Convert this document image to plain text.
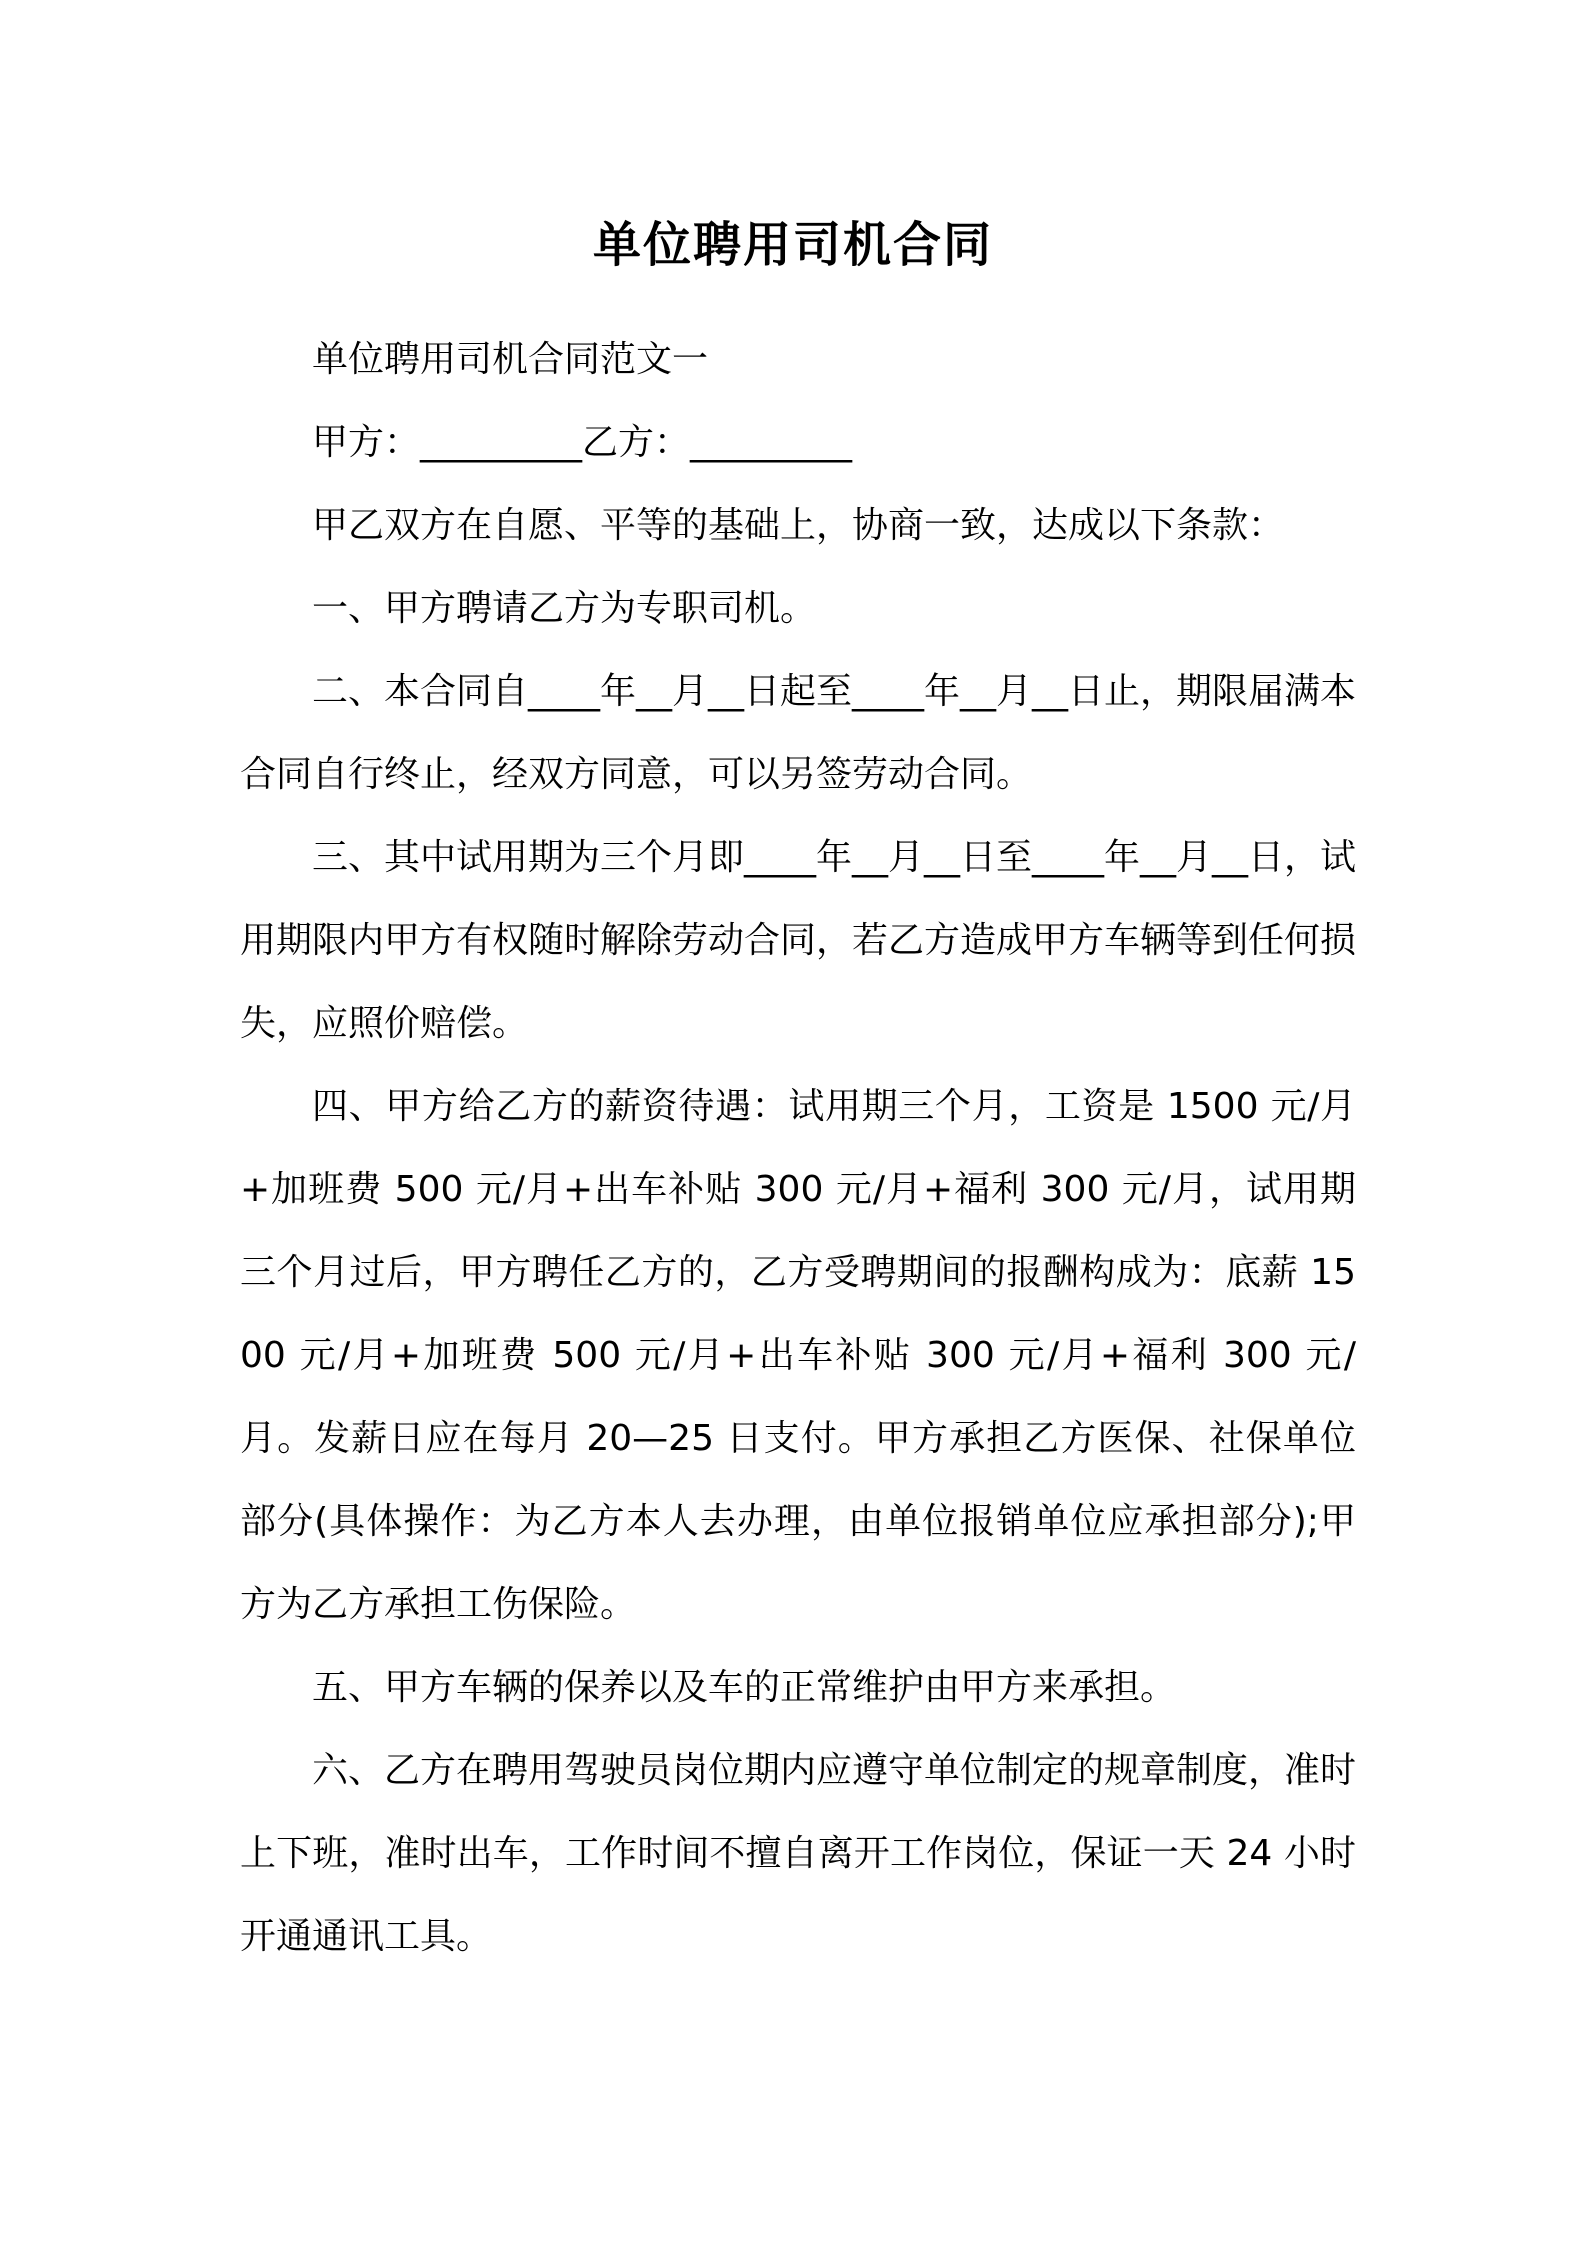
单位聘用司机合同

单位聘用司机合同范文一

甲方：_________乙方：_________

甲乙双方在自愿、平等的基础上，协商一致，达成以下条款：

一、甲方聘请乙方为专职司机。

二、本合同自____年__月__日起至____年__月__日止，期限届满本合同自行终止，经双方同意，可以另签劳动合同。

三、其中试用期为三个月即____年__月__日至____年__月__日，试用期限内甲方有权随时解除劳动合同，若乙方造成甲方车辆等到任何损失，应照价赔偿。

四、甲方给乙方的薪资待遇：试用期三个月，工资是 1500 元/月+加班费 500 元/月+出车补贴 300 元/月+福利 300 元/月，试用期三个月过后，甲方聘任乙方的，乙方受聘期间的报酬构成为：底薪 1500 元/月+加班费 500 元/月+出车补贴 300 元/月+福利 300 元/月。发薪日应在每月 20—25 日支付。甲方承担乙方医保、社保单位部分(具体操作：为乙方本人去办理，由单位报销单位应承担部分);甲方为乙方承担工伤保险。

五、甲方车辆的保养以及车的正常维护由甲方来承担。

六、乙方在聘用驾驶员岗位期内应遵守单位制定的规章制度，准时上下班，准时出车，工作时间不擅自离开工作岗位，保证一天 24 小时开通通讯工具。
